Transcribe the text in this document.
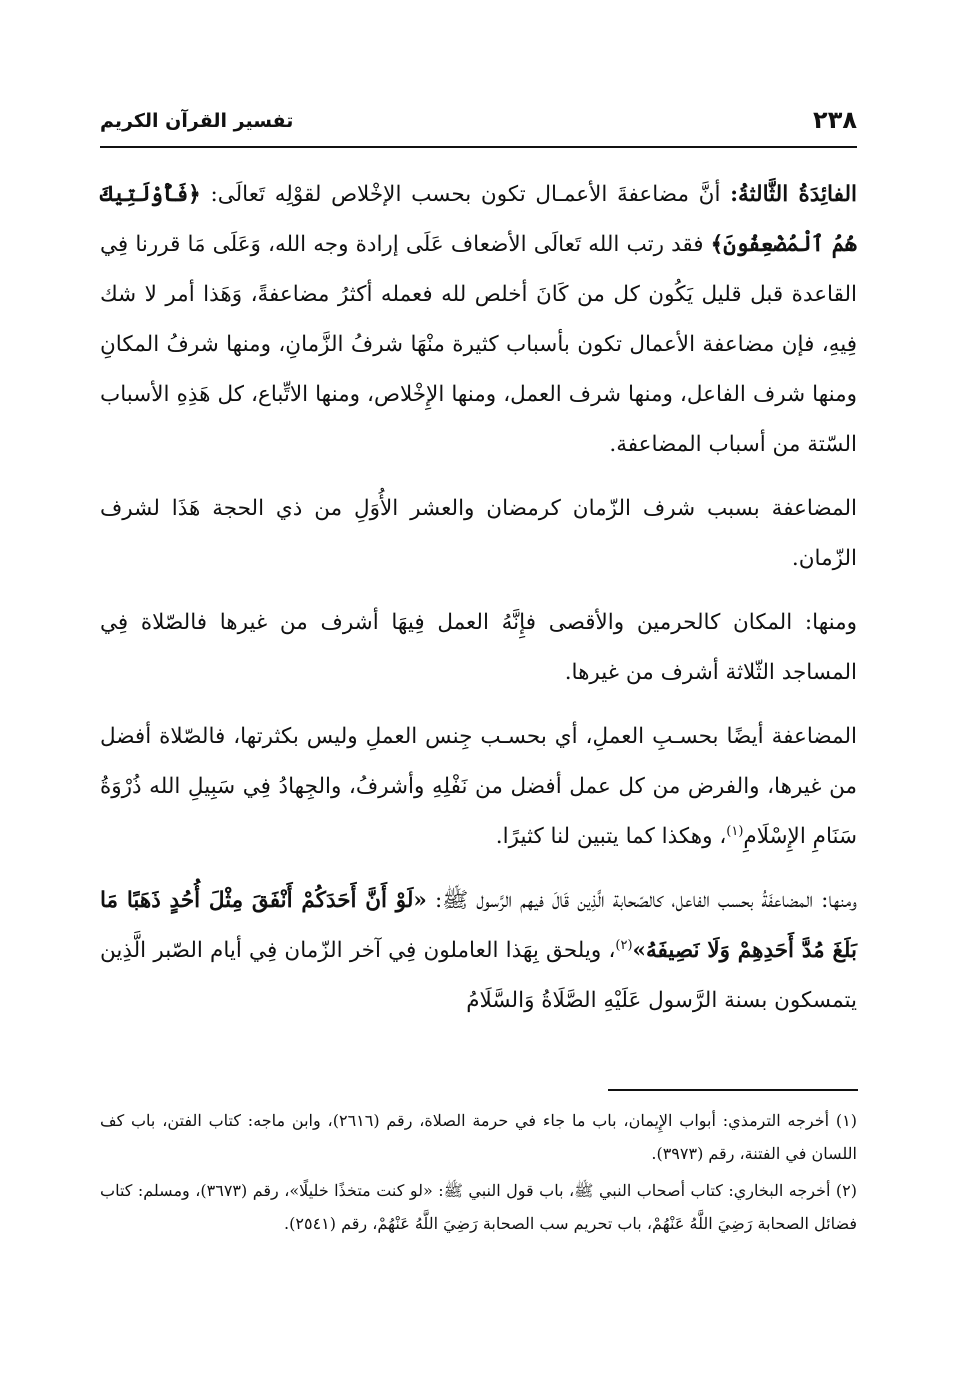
٢٣٨
تفسير القرآن الكريم

الفائِدَةُ الثَّالثةُ: أنَّ مضاعفةَ الأعمـال تكون بحسب الإخْلاص لقوْلِه تَعالَى: ﴿فَأُوْلَتِيكَ هُمُ ٱلْمُضْعِفُونَ﴾ فقد رتب الله تَعالَى الأضعاف عَلَى إرادة وجه الله، وَعَلَى مَا قررنا فِي القاعدة قبل قليل يَكُون كل من كَانَ أخلص لله فعمله أكثرُ مضاعفةً، وَهَذا أمر لا شك فِيهِ، فإن مضاعفة الأعمال تكون بأسباب كثيرة منْهَا شرفُ الزَّمانِ، ومنها شرفُ المكانِ ومنها شرف الفاعل، ومنها شرف العمل، ومنها الإِخْلاص، ومنها الاتِّباع، كل هَذِهِ الأسباب السّتة من أسباب المضاعفة.

المضاعفة بسبب شرف الزّمان كرمضان والعشر الأُوَلِ من ذي الحجة هَذَا لشرف الزّمان.

ومنها: المكان كالحرمين والأقصى فإِنَّهُ العمل فِيهَا أشرف من غيرها فالصّلاة فِي المساجد الثّلاثة أشرف من غيرها.

المضاعفة أيضًا بحسـبِ العملِ، أي بحسـب جِنس العملِ وليس بكثرتها، فالصّلاة أفضل من غيرها، والفرض من كل عمل أفضل من نَفْلِهِ وأشرفُ، والجِهادُ فِي سَبِيلِ الله ذُرْوَةُ سَنَامِ الإِسْلَامِ$^{(١)}$، وهكذا كما يتبين لنا كثيرًا.

ومنها: المضاعفَةُ بحسب الفاعل، كالصّحابة الَّذِين قَالَ فيهم الرَّسول ﷺ: «لَوْ أَنَّ أَحَدَكُمْ أَنْفَقَ مِثْلَ أُحُدٍ ذَهَبًا مَا بَلَغَ مُدَّ أَحَدِهِمْ وَلَا نَصِيفَهُ»$^{(٢)}$، ويلحق بِهَذا العاملون فِي آخر الزّمان فِي أيام الصّبر الَّذِين يتمسكون بسنة الرَّسول عَلَيْهِ الصَّلَاةُ وَالسَّلَامُ

(١) أخرجه الترمذي: أبواب الإِيمان، باب ما جاء في حرمة الصلاة، رقم (٢٦١٦)، وابن ماجه: كتاب الفتن، باب كف اللسان في الفتنة، رقم (٣٩٧٣).

(٢) أخرجه البخاري: كتاب أصحاب النبي ﷺ، باب قول النبي ﷺ: «لو كنت متخذًا خليلًا»، رقم (٣٦٧٣)، ومسلم: كتاب فضائل الصحابة رَضِيَ اللَّهُ عَنْهُمْ، باب تحريم سب الصحابة رَضِيَ اللَّهُ عَنْهُمْ، رقم (٢٥٤١).
